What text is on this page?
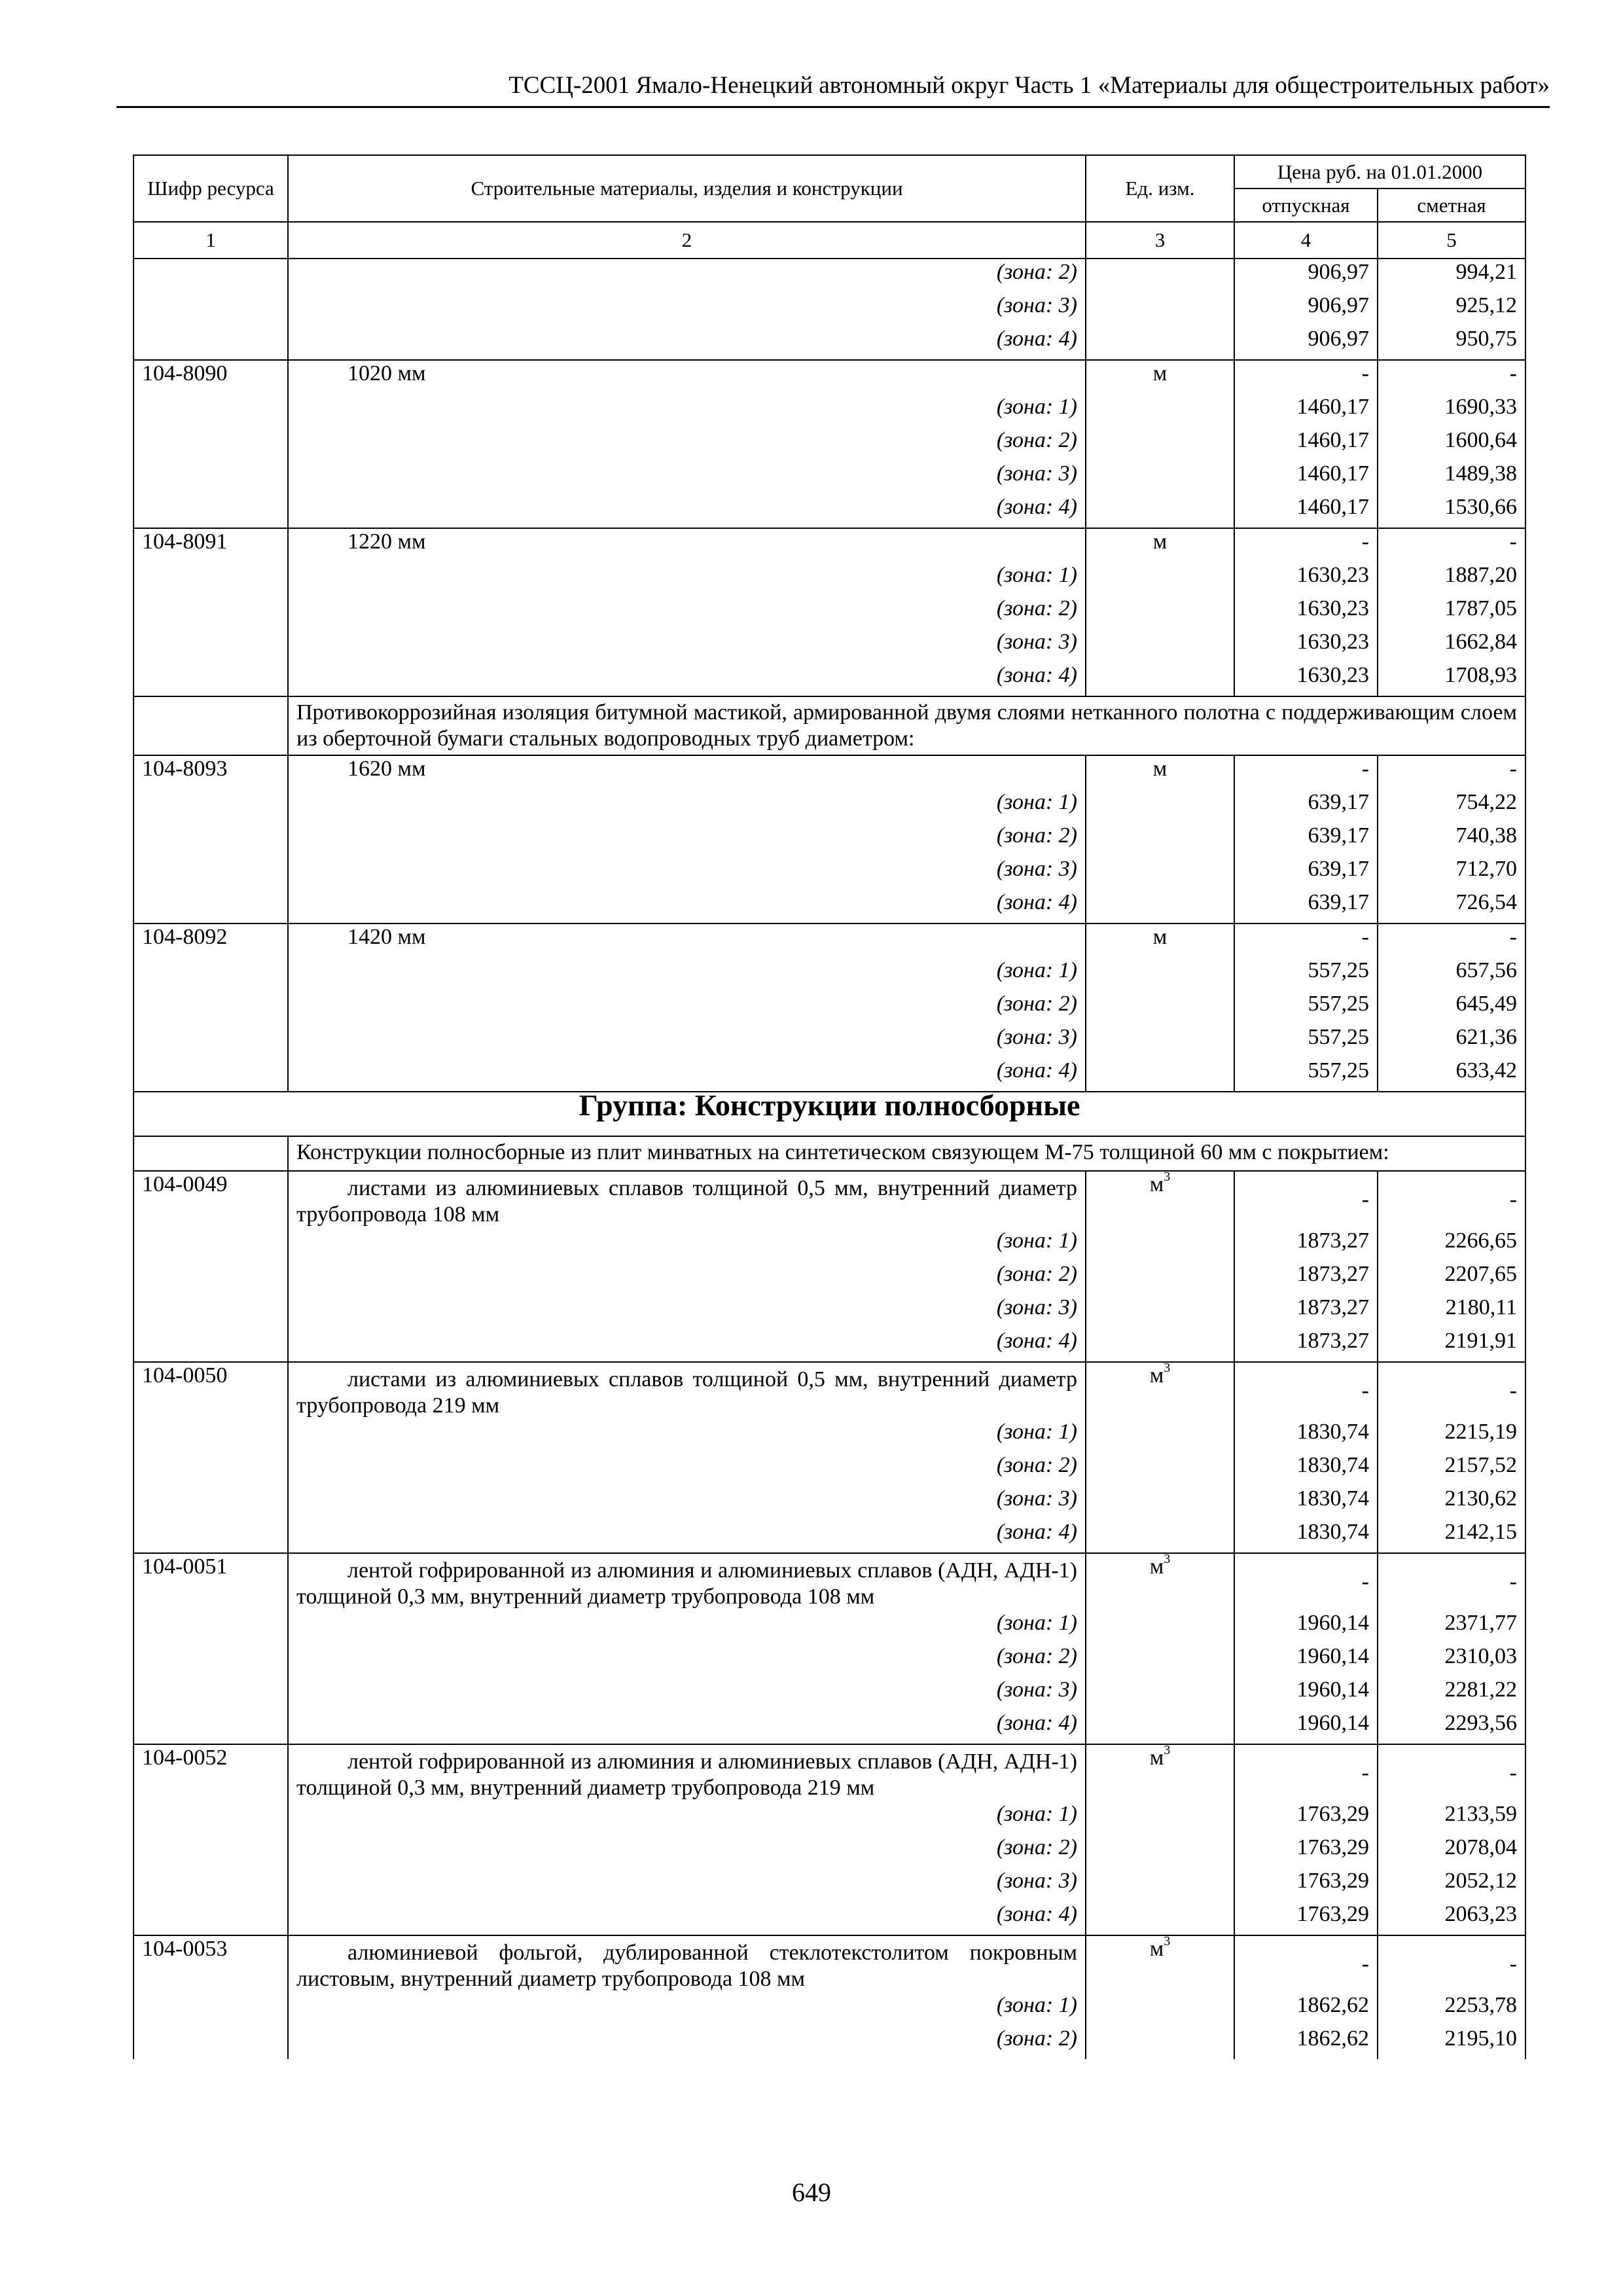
ТССЦ-2001 Ямало-Ненецкий автономный округ Часть 1 «Материалы для общестроительных работ»
Шифр ресурса	Строительные материалы, изделия и конструкции	Ед. изм.	Цена руб. на 01.01.2000	
			отпускная	сметная
1	2	3	4	5
	(зона: 2)		906,97	994,21
	(зона: 3)		906,97	925,12
	(зона: 4)		906,97	950,75
104-8090	1020 мм	м	-	-
	(зона: 1)		1460,17	1690,33
	(зона: 2)		1460,17	1600,64
	(зона: 3)		1460,17	1489,38
	(зона: 4)		1460,17	1530,66
104-8091	1220 мм	м	-	-
	(зона: 1)		1630,23	1887,20
	(зона: 2)		1630,23	1787,05
	(зона: 3)		1630,23	1662,84
	(зона: 4)		1630,23	1708,93
	Противокоррозийная изоляция битумной мастикой, армированной двумя слоями нетканного полотна с поддерживающим слоем из оберточной бумаги стальных водопроводных труб диаметром:			
104-8093	1620 мм	м	-	-
	(зона: 1)		639,17	754,22
	(зона: 2)		639,17	740,38
	(зона: 3)		639,17	712,70
	(зона: 4)		639,17	726,54
104-8092	1420 мм	м	-	-
	(зона: 1)		557,25	657,56
	(зона: 2)		557,25	645,49
	(зона: 3)		557,25	621,36
	(зона: 4)		557,25	633,42
Группа: Конструкции полносборные				
	Конструкции полносборные из плит минватных на синтетическом связующем М-75 толщиной 60 мм с покрытием:			
104-0049	листами из алюминиевых сплавов толщиной 0,5 мм, внутренний диаметр трубопровода 108 мм	$м^3$	-	-
	(зона: 1)		1873,27	2266,65
	(зона: 2)		1873,27	2207,65
	(зона: 3)		1873,27	2180,11
	(зона: 4)		1873,27	2191,91
104-0050	листами из алюминиевых сплавов толщиной 0,5 мм, внутренний диаметр трубопровода 219 мм	$м^3$	-	-
	(зона: 1)		1830,74	2215,19
	(зона: 2)		1830,74	2157,52
	(зона: 3)		1830,74	2130,62
	(зона: 4)		1830,74	2142,15
104-0051	лентой гофрированной из алюминия и алюминиевых сплавов (АДН, АДН-1) толщиной 0,3 мм, внутренний диаметр трубопровода 108 мм	$м^3$	-	-
	(зона: 1)		1960,14	2371,77
	(зона: 2)		1960,14	2310,03
	(зона: 3)		1960,14	2281,22
	(зона: 4)		1960,14	2293,56
104-0052	лентой гофрированной из алюминия и алюминиевых сплавов (АДН, АДН-1) толщиной 0,3 мм, внутренний диаметр трубопровода 219 мм	$м^3$	-	-
	(зона: 1)		1763,29	2133,59
	(зона: 2)		1763,29	2078,04
	(зона: 3)		1763,29	2052,12
	(зона: 4)		1763,29	2063,23
104-0053	алюминиевой фольгой, дублированной стеклотекстолитом покровным листовым, внутренний диаметр трубопровода 108 мм	$м^3$	-	-
	(зона: 1)		1862,62	2253,78
	(зона: 2)		1862,62	2195,10
649
